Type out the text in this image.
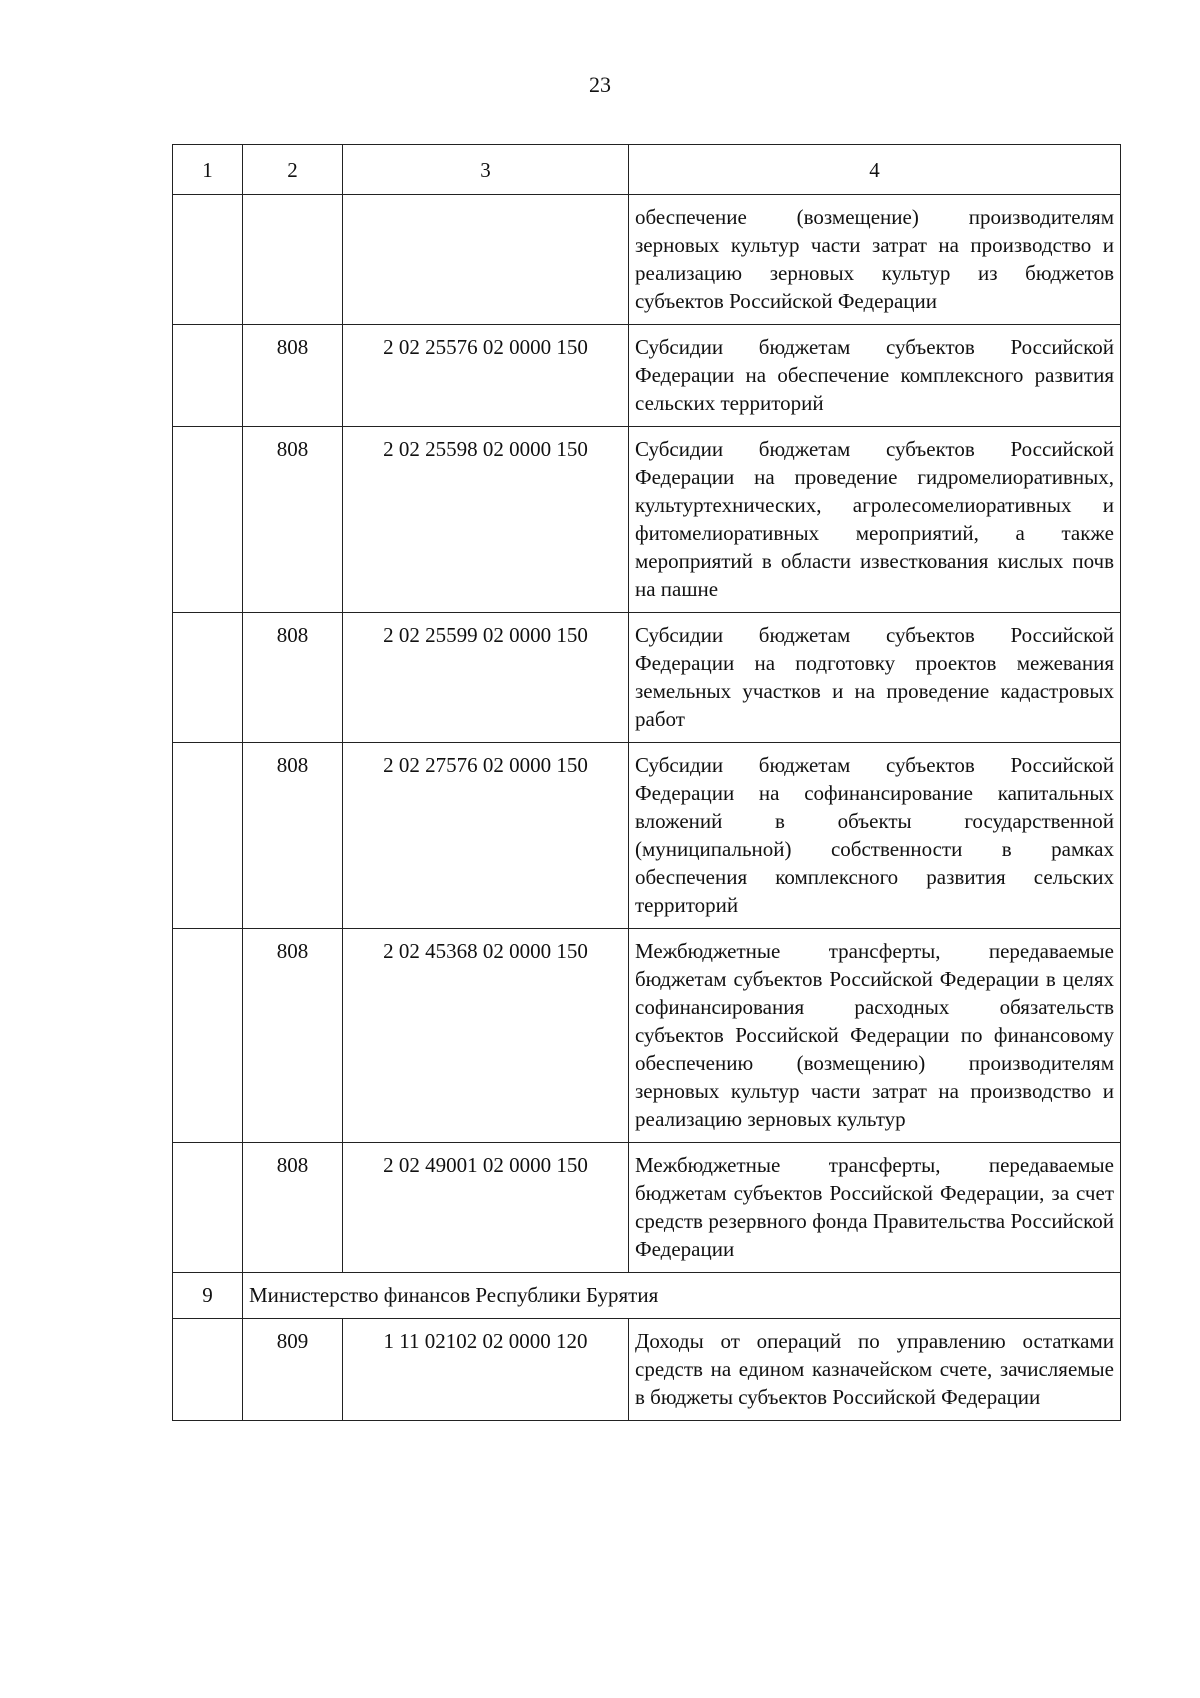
23
1	2	3	4
			обеспечение (возмещение) производителям зерновых культур части затрат на производство и реализацию зерновых культур из бюджетов субъектов Российской Федерации
	808	2 02 25576 02 0000 150	Субсидии бюджетам субъектов Российской Федерации на обеспечение комплексного развития сельских территорий
	808	2 02 25598 02 0000 150	Субсидии бюджетам субъектов Российской Федерации на проведение гидромелиоративных, культуртехнических, агролесомелиоративных и фитомелиоративных мероприятий, а также мероприятий в области известкования кислых почв на пашне
	808	2 02 25599 02 0000 150	Субсидии бюджетам субъектов Российской Федерации на подготовку проектов межевания земельных участков и на проведение кадастровых работ
	808	2 02 27576 02 0000 150	Субсидии бюджетам субъектов Российской Федерации на софинансирование капитальных вложений в объекты государственной (муниципальной) собственности в рамках обеспечения комплексного развития сельских территорий
	808	2 02 45368 02 0000 150	Межбюджетные трансферты, передаваемые бюджетам субъектов Российской Федерации в целях софинансирования расходных обязательств субъектов Российской Федерации по финансовому обеспечению (возмещению) производителям зерновых культур части затрат на производство и реализацию зерновых культур
	808	2 02 49001 02 0000 150	Межбюджетные трансферты, передаваемые бюджетам субъектов Российской Федерации, за счет средств резервного фонда Правительства Российской Федерации
9	Министерство финансов Республики Бурятия		
	809	1 11 02102 02 0000 120	Доходы от операций по управлению остатками средств на едином казначейском счете, зачисляемые в бюджеты субъектов Российской Федерации
